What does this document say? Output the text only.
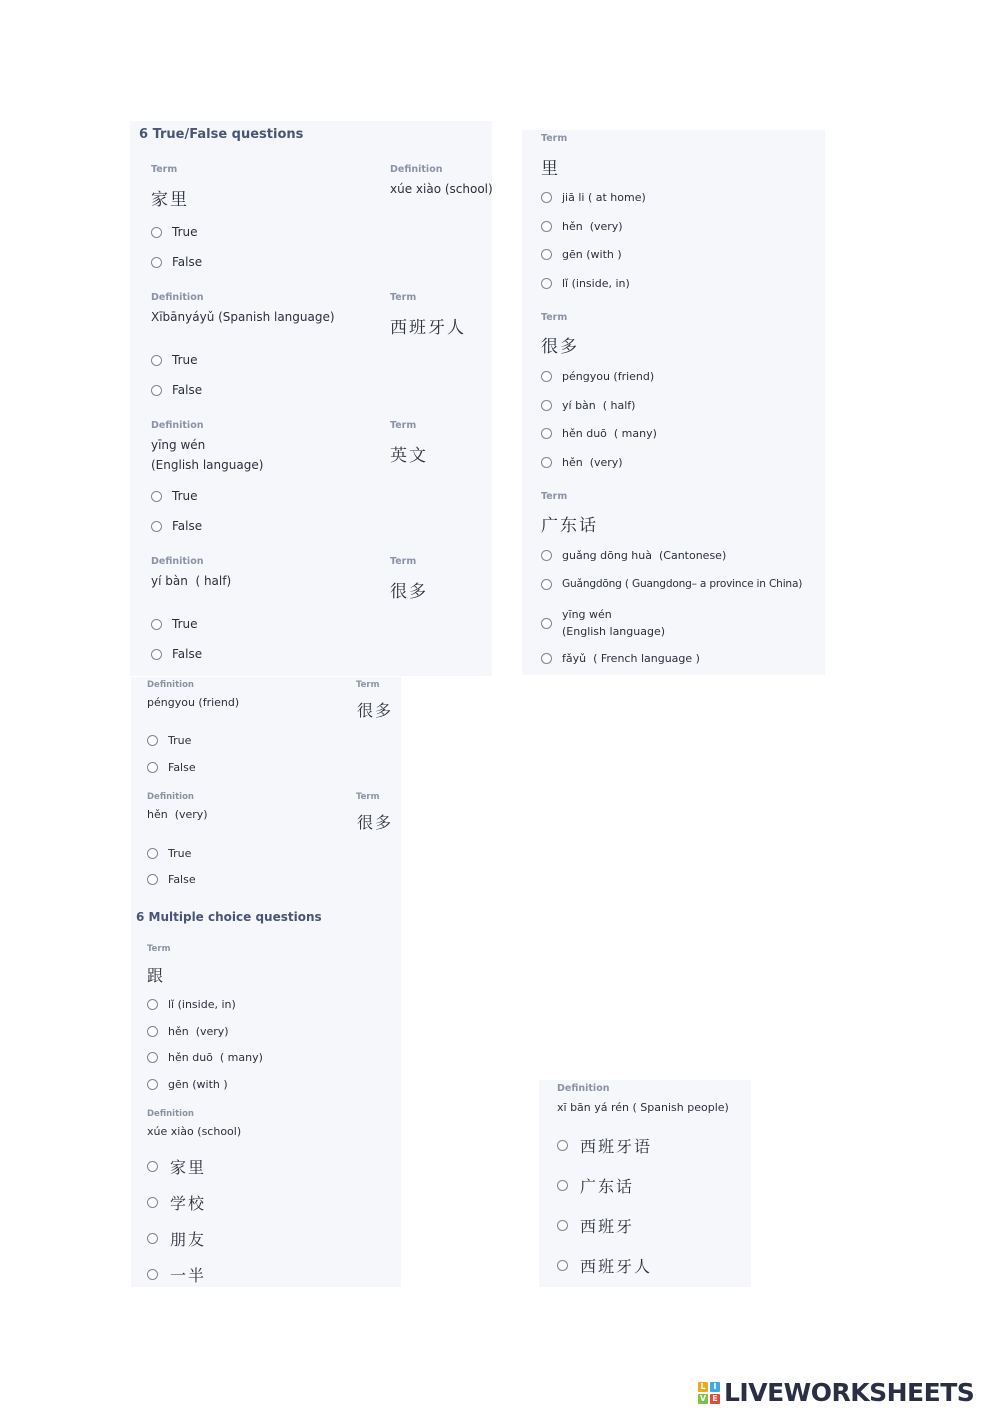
6 True/False questions
Term
家里
Definition
xúe xiào (school)
True
False
Definition
Xībānyáyǔ (Spanish language)
Term
西班牙人
True
False
Definition
yīng wén
(English language)
Term
英文
True
False
Definition
yí bàn  ( half)
Term
很多
True
False
Term
里
jiā li ( at home)
hěn  (very)
gēn (with )
lǐ (inside, in)
Term
很多
péngyou (friend)
yí bàn  ( half)
hěn duō  ( many)
hěn  (very)
Term
广东话
guǎng dōng huà  (Cantonese)
Guǎngdōng ( Guangdong– a province in China)
yīng wén
(English language)
fǎyǔ  ( French language )
Definition
péngyou (friend)
Term
很多
True
False
Definition
hěn  (very)
Term
很多
True
False
6 Multiple choice questions
Term
跟
lǐ (inside, in)
hěn  (very)
hěn duō  ( many)
gēn (with )
Definition
xúe xiào (school)
家里
学校
朋友
一半
Definition
xī bān yá rén ( Spanish people)
西班牙语
广东话
西班牙
西班牙人
L I
V E LIVEWORKSHEETS
